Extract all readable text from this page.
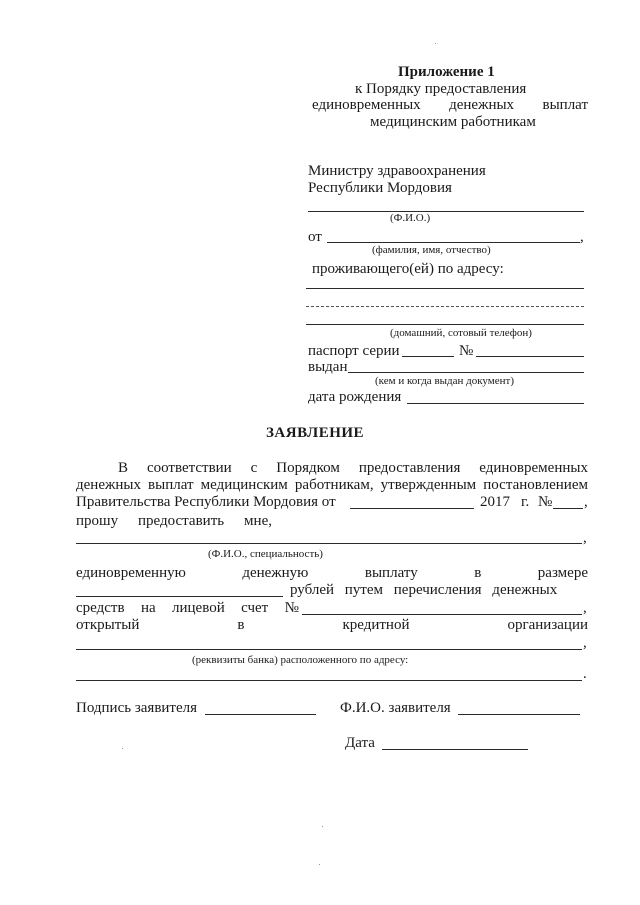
Приложение 1
к Порядку предоставления
единовременных денежных выплат
медицинским работникам
Министру здравоохранения
Республики Мордовия
(Ф.И.О.)
от	,
(фамилия, имя, отчество)
проживающего(ей) по адресу:
(домашний, сотовый телефон)
паспорт серии	№
выдан
(кем и когда выдан документ)
дата рождения
ЗАЯВЛЕНИЕ
В соответствии с Порядком предоставления единовременных
денежных выплат медицинским работникам, утвержденным постановлением
Правительства Республики Мордовия от	2017 г. № ,
прошу предоставить мне,
,
(Ф.И.О., специальность)
единовременную	денежную	выплату	в	размере
рублей путем перечисления денежных
средств на лицевой счет №	,
открытый	в	кредитной	организации
,
(реквизиты банка) расположенного по адресу:
.
Подпись заявителя	Ф.И.О. заявителя
Дата
